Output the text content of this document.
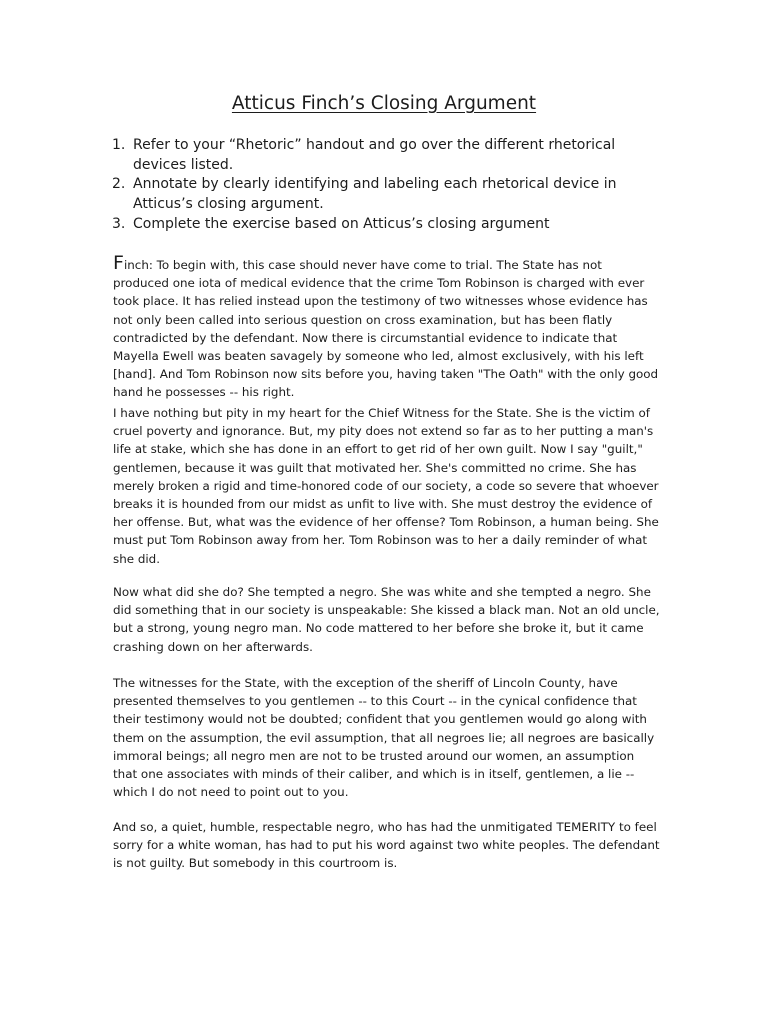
Atticus Finch’s Closing Argument
1. Refer to your “Rhetoric” handout and go over the different rhetorical devices listed.
2. Annotate by clearly identifying and labeling each rhetorical device in Atticus’s closing argument.
3. Complete the exercise based on Atticus’s closing argument

Finch: To begin with, this case should never have come to trial. The State has not produced one iota of medical evidence that the crime Tom Robinson is charged with ever took place. It has relied instead upon the testimony of two witnesses whose evidence has not only been called into serious question on cross examination, but has been flatly contradicted by the defendant. Now there is circumstantial evidence to indicate that Mayella Ewell was beaten savagely by someone who led, almost exclusively, with his left [hand]. And Tom Robinson now sits before you, having taken "The Oath" with the only good hand he possesses -- his right.

I have nothing but pity in my heart for the Chief Witness for the State. She is the victim of cruel poverty and ignorance. But, my pity does not extend so far as to her putting a man's life at stake, which she has done in an effort to get rid of her own guilt. Now I say "guilt," gentlemen, because it was guilt that motivated her. She's committed no crime. She has merely broken a rigid and time-honored code of our society, a code so severe that whoever breaks it is hounded from our midst as unfit to live with. She must destroy the evidence of her offense. But, what was the evidence of her offense? Tom Robinson, a human being. She must put Tom Robinson away from her. Tom Robinson was to her a daily reminder of what she did.

Now what did she do? She tempted a negro. She was white and she tempted a negro. She did something that in our society is unspeakable: She kissed a black man. Not an old uncle, but a strong, young negro man. No code mattered to her before she broke it, but it came crashing down on her afterwards.

The witnesses for the State, with the exception of the sheriff of Lincoln County, have presented themselves to you gentlemen -- to this Court -- in the cynical confidence that their testimony would not be doubted; confident that you gentlemen would go along with them on the assumption, the evil assumption, that all negroes lie; all negroes are basically immoral beings; all negro men are not to be trusted around our women, an assumption that one associates with minds of their caliber, and which is in itself, gentlemen, a lie -- which I do not need to point out to you.

And so, a quiet, humble, respectable negro, who has had the unmitigated TEMERITY to feel sorry for a white woman, has had to put his word against two white peoples. The defendant is not guilty. But somebody in this courtroom is.
